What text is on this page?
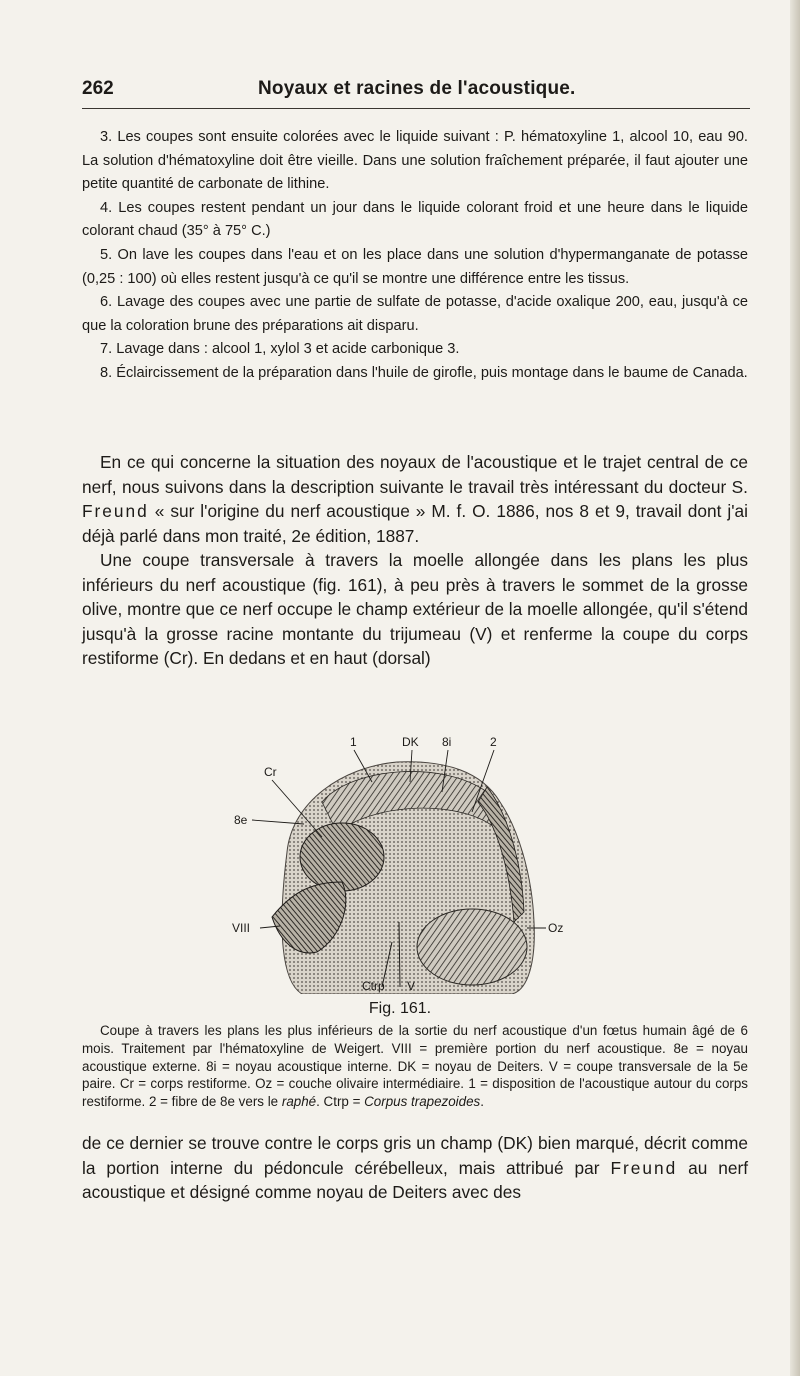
262	Noyaux et racines de l'acoustique.

3. Les coupes sont ensuite colorées avec le liquide suivant : P. hématoxyline 1, alcool 10, eau 90. La solution d'hématoxyline doit être vieille. Dans une solution fraîchement préparée, il faut ajouter une petite quantité de carbonate de lithine.

4. Les coupes restent pendant un jour dans le liquide colorant froid et une heure dans le liquide colorant chaud (35° à 75° C.)

5. On lave les coupes dans l'eau et on les place dans une solution d'hypermanganate de potasse (0,25 : 100) où elles restent jusqu'à ce qu'il se montre une différence entre les tissus.

6. Lavage des coupes avec une partie de sulfate de potasse, d'acide oxalique 200, eau, jusqu'à ce que la coloration brune des préparations ait disparu.

7. Lavage dans : alcool 1, xylol 3 et acide carbonique 3.

8. Éclaircissement de la préparation dans l'huile de girofle, puis montage dans le baume de Canada.

En ce qui concerne la situation des noyaux de l'acoustique et le trajet central de ce nerf, nous suivons dans la description suivante le travail très intéressant du docteur S. Freund « sur l'origine du nerf acoustique » M. f. O. 1886, nos 8 et 9, travail dont j'ai déjà parlé dans mon traité, 2e édition, 1887.

Une coupe transversale à travers la moelle allongée dans les plans les plus inférieurs du nerf acoustique (fig. 161), à peu près à travers le sommet de la grosse olive, montre que ce nerf occupe le champ extérieur de la moelle allongée, qu'il s'étend jusqu'à la grosse racine montante du trijumeau (V) et renferme la coupe du corps restiforme (Cr). En dedans et en haut (dorsal)

1	DK 8i	2
Cr
8e
VIII
Ctrp V
Oz
Fig. 161.

Coupe à travers les plans les plus inférieurs de la sortie du nerf acoustique d'un fœtus humain âgé de 6 mois. Traitement par l'hématoxyline de Weigert. VIII = première portion du nerf acoustique. 8e = noyau acoustique externe. 8i = noyau acoustique interne. DK = noyau de Deiters. V = coupe transversale de la 5e paire. Cr = corps restiforme. Oz = couche olivaire intermédiaire. 1 = disposition de l'acoustique autour du corps restiforme. 2 = fibre de 8e vers le raphé. Ctrp = Corpus trapezoides.

de ce dernier se trouve contre le corps gris un champ (DK) bien marqué, décrit comme la portion interne du pédoncule cérébelleux, mais attribué par Freund au nerf acoustique et désigné comme noyau de Deiters avec des
